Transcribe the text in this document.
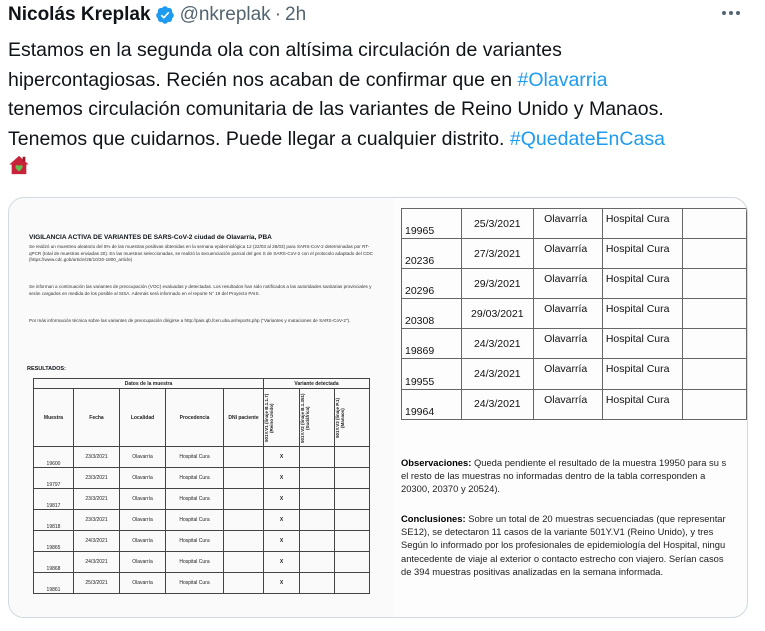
Nicolás Kreplak @nkreplak · 2h
Estamos en la segunda ola con altísima circulación de variantes
hipercontagiosas. Recién nos acaban de confirmar que en #Olavarria
tenemos circulación comunitaria de las variantes de Reino Unido y Manaos.
Tenemos que cuidarnos. Puede llegar a cualquier distrito. #QuedateEnCasa
VIGILANCIA ACTIVA DE VARIANTES DE SARS-CoV-2 ciudad de Olavarría, PBA
Se realizó un muestreo aleatorio del 5% de las muestras positivas obtenidas en la semana epidemiológica 12 (22/03 al 28/03) para SARS-CoV-2 determinadas por RT-qPCR (total de muestras enviadas 20). En las muestras seleccionadas, se realizó la secuenciación parcial del gen S de SARS-CoV-2 con el protocolo adaptado del CDC (https://www.cdc.gob/article/26/10/20-1800_article)
Se informan a continuación las variantes de preocupación (VOC) evaluadas y detectadas. Los resultados han sido notificados a las autoridades sanitarias provinciales y serán cargados en medida de los posible al SISA. Además será informado en el reporte N° 19 del Proyecto PAIS.
Por más información técnica sobre las variantes de preocupación dirigirse a http://pais.qb.fcen.uba.ar/reports.php ("Variantes y mutaciones de SARS-CoV-2").
RESULTADOS:
Datos de la muestra					Variante detectada		
Muestra	Fecha	Localidad	Procedencia	DNI paciente	501Y.V1 (linaje B.1.1.7) (Reino Unido)	501Y.V2 (linaje B.1.351) (Sudáfrica)	501Y.V3 (linaje P.1) (Manaos)

19600	23/3/2021	Olavarría	Hospital Cura		X		
19797	23/3/2021	Olavarría	Hospital Cura		X		
19817	23/3/2021	Olavarría	Hospital Cura		X		
19818	23/3/2021	Olavarría	Hospital Cura		X		
19865	24/3/2021	Olavarría	Hospital Cura		X		
19868	24/3/2021	Olavarría	Hospital Cura		X		
19861	25/3/2021	Olavarría	Hospital Cura		X		
19965	25/3/2021	Olavarría	Hospital Cura	
20236	27/3/2021	Olavarría	Hospital Cura	
20296	29/3/2021	Olavarría	Hospital Cura	
20308	29/03/2021	Olavarría	Hospital Cura	
19869	24/3/2021	Olavarría	Hospital Cura	
19955	24/3/2021	Olavarría	Hospital Cura	
19964	24/3/2021	Olavarría	Hospital Cura	
Observaciones: Queda pendiente el resultado de la muestra 19950 para su s
el resto de las muestras no informadas dentro de la tabla corresponden a
20300, 20370 y 20524).
Conclusiones: Sobre un total de 20 muestras secuenciadas (que representar
SE12), se detectaron 11 casos de la variante 501Y.V1 (Reino Unido), y tres
Según lo informado por los profesionales de epidemiología del Hospital, ningu
antecedente de viaje al exterior o contacto estrecho con viajero. Serían casos
de 394 muestras positivas analizadas en la semana informada.
